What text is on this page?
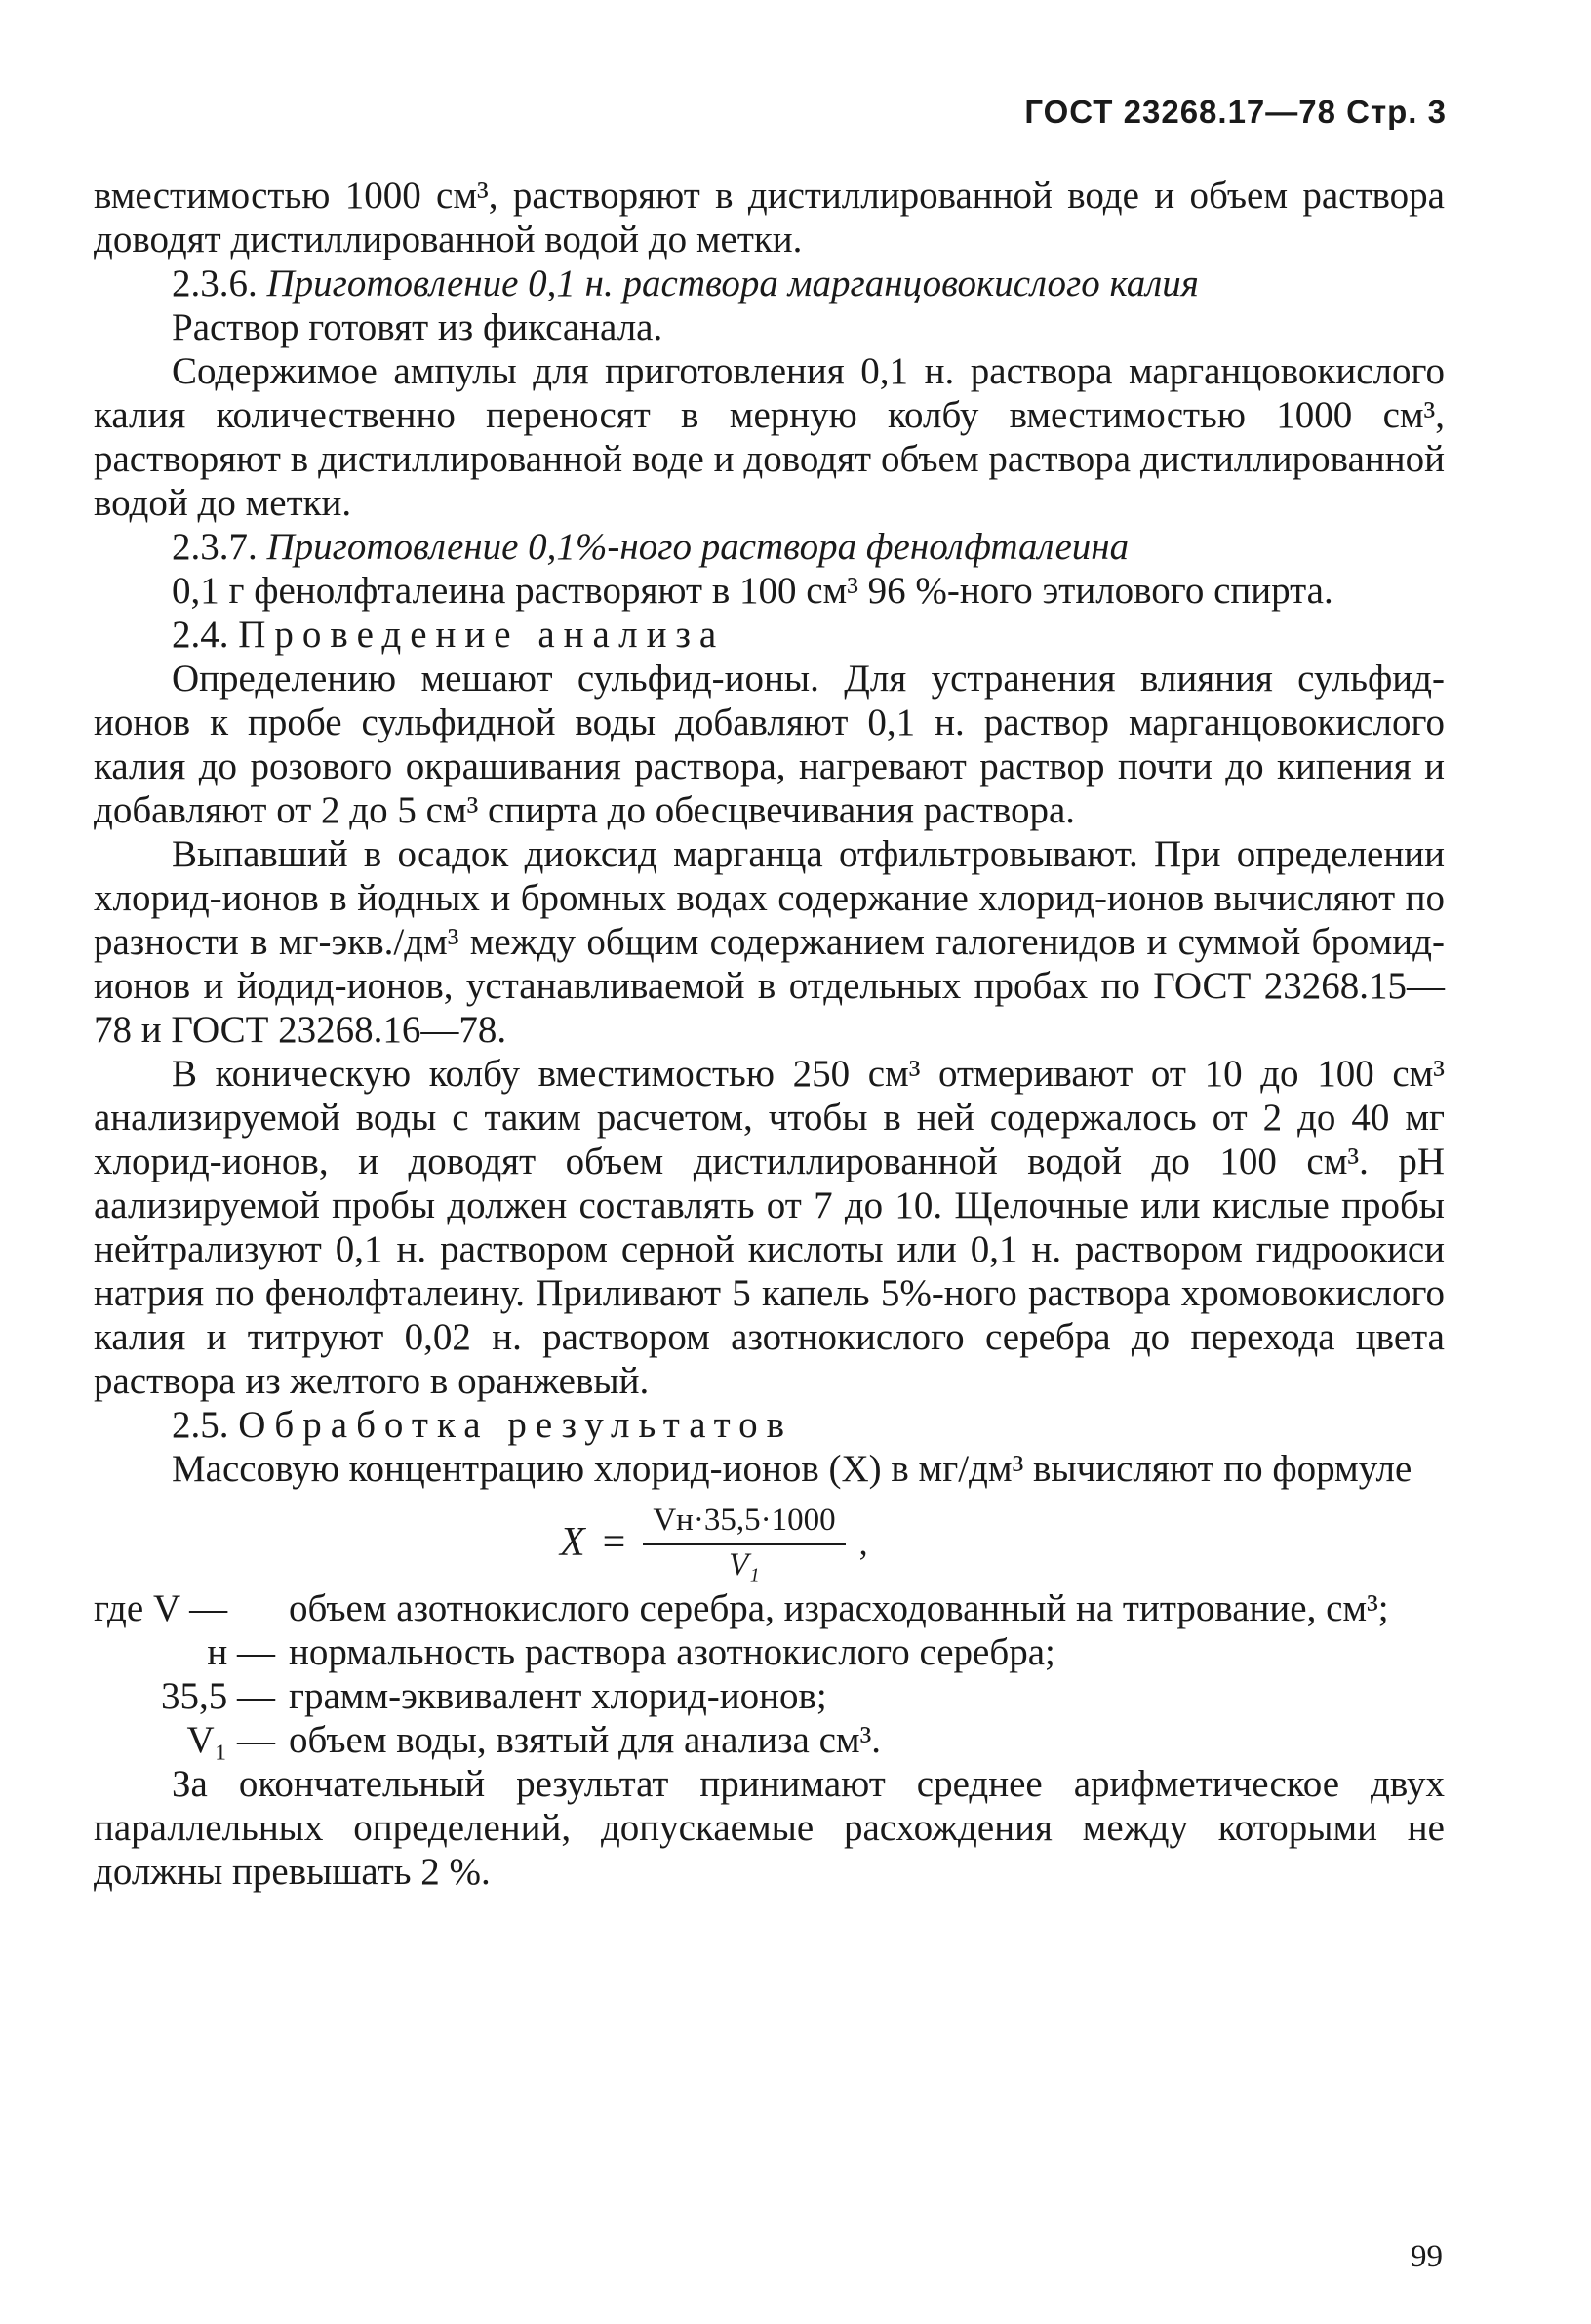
ГОСТ 23268.17—78 Стр. 3

вместимостью 1000 см³, растворяют в дистиллированной воде и объем раствора доводят дистиллированной водой до метки.

2.3.6. Приготовление 0,1 н. раствора марганцовокислого калия

Раствор готовят из фиксанала.

Содержимое ампулы для приготовления 0,1 н. раствора марганцовокислого калия количественно переносят в мерную колбу вместимостью 1000 см³, растворяют в дистиллированной воде и доводят объем раствора дистиллированной водой до метки.

2.3.7. Приготовление 0,1%-ного раствора фенолфталеина

0,1 г фенолфталеина растворяют в 100 см³ 96 %-ного этилового спирта.

2.4. Проведение анализа

Определению мешают сульфид-ионы. Для устранения влияния сульфид-ионов к пробе сульфидной воды добавляют 0,1 н. раствор марганцовокислого калия до розового окрашивания раствора, нагревают раствор почти до кипения и добавляют от 2 до 5 см³ спирта до обесцвечивания раствора.

Выпавший в осадок диоксид марганца отфильтровывают. При определении хлорид-ионов в йодных и бромных водах содержание хлорид-ионов вычисляют по разности в мг-экв./дм³ между общим содержанием галогенидов и суммой бромид-ионов и йодид-ионов, устанавливаемой в отдельных пробах по ГОСТ 23268.15—78 и ГОСТ 23268.16—78.

В коническую колбу вместимостью 250 см³ отмеривают от 10 до 100 см³ анализируемой воды с таким расчетом, чтобы в ней содержалось от 2 до 40 мг хлорид-ионов, и доводят объем дистиллированной водой до 100 см³. pH аализируемой пробы должен составлять от 7 до 10. Щелочные или кислые пробы нейтрализуют 0,1 н. раствором серной кислоты или 0,1 н. раствором гидроокиси натрия по фенолфталеину. Приливают 5 капель 5%-ного раствора хромовокислого калия и титруют 0,02 н. раствором азотнокислого серебра до перехода цвета раствора из желтого в оранжевый.

2.5. Обработка результатов

Массовую концентрацию хлорид-ионов (X) в мг/дм³ вычисляют по формуле

$X = \frac{Vн\cdot 35,5\cdot 1000}{\text{V₁}}$ ,
где V —	объем азотнокислого серебра, израсходованный на титрование, см³;
н — нормальность раствора азотнокислого серебра;
35,5 — грамм-эквивалент хлорид-ионов;
V₁ — объем воды, взятый для анализа см³.

За окончательный результат принимают среднее арифметическое двух параллельных определений, допускаемые расхождения между которыми не должны превышать 2 %.

99
